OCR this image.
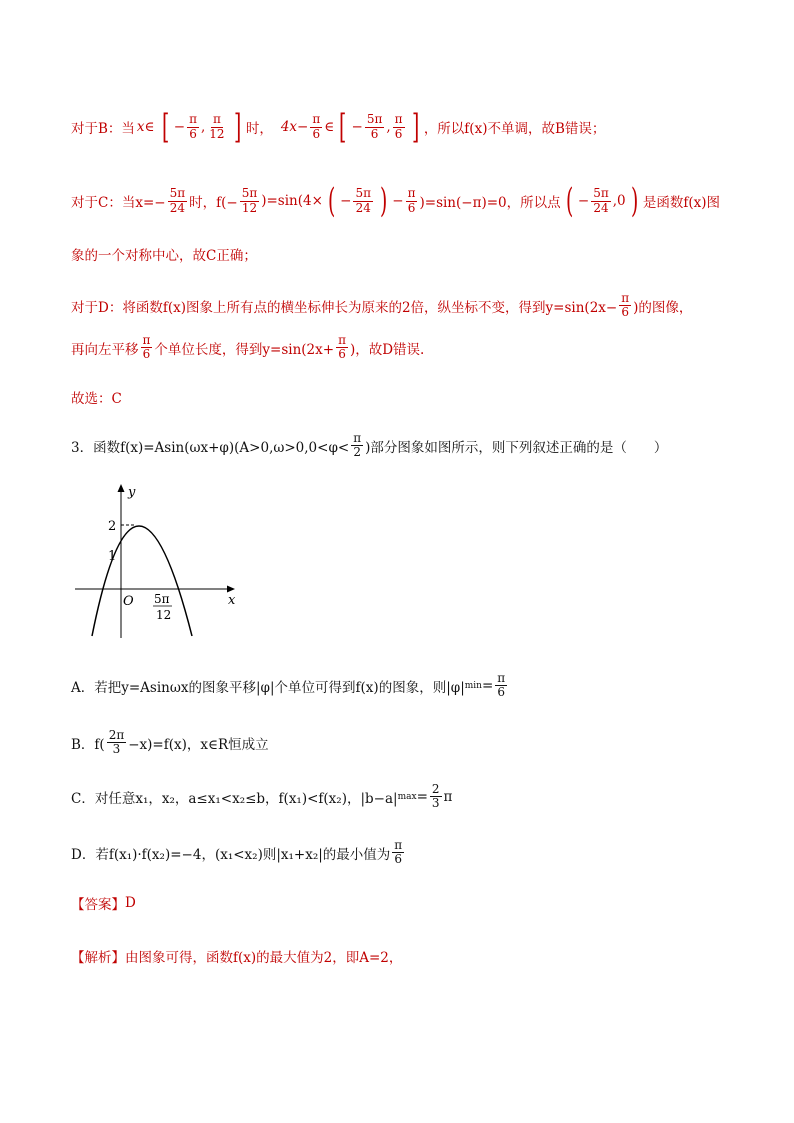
对于B：当 x∈ [ − $\frac{\pi}{6}$ , $\frac{\pi}{12}$ ] 时， $4x- \frac{\pi}{6}$ ∈ [ − $\frac{5\pi}{6}$ , $\frac{\pi}{6}$ ] ，所以f(x)不单调，故B错误；
对于C：当$x=- \frac{5\pi}{24}$ 时，$f(- \frac{5\pi}{12} )=\sin(4\times$ ( − $\frac{5\pi}{24}$ ) − $\frac{\pi}{6} )=\sin(-\pi)=0$，所以点 ( − $\frac{5\pi}{24} ,0$ ) 是函数f(x)图
象的一个对称中心，故C正确；
对于D：将函数f(x)图象上所有点的横坐标伸长为原来的2倍，纵坐标不变，得到$y=\sin(2x- \frac{\pi}{6}$ )的图像，
再向左平移 $\frac{\pi}{6}$ 个单位长度，得到$y=\sin(2x+ \frac{\pi}{6}$ )，故D错误.
故选：C
3．函数$f(x)=Asin(\omega x+\varphi)(A>0,\omega>0,0<\varphi< \frac{\pi}{2}$ )部分图象如图所示，则下列叙述正确的是（　　）
y
x
O
2
1
5π
12
A．若把y=Asinωx的图象平移|φ|个单位可得到f(x)的图象，则|φ| $\min = \frac{\pi}{6}$
B．$f( \frac{2\pi}{3} -x)=f(x)$，x∈R恒成立
C．对任意x₁，x₂，a≤x₁<x₂≤b，f(x₁)<f(x₂)，|b−a| $\max = \frac{2}{3}$ π
D．若f(x₁)·f(x₂)=−4，(x₁<x₂)则|x₁+x₂|的最小值为 $\frac{\pi}{6}$
【答案】 D
【解析】 由图象可得，函数f(x)的最大值为2，即A=2，
